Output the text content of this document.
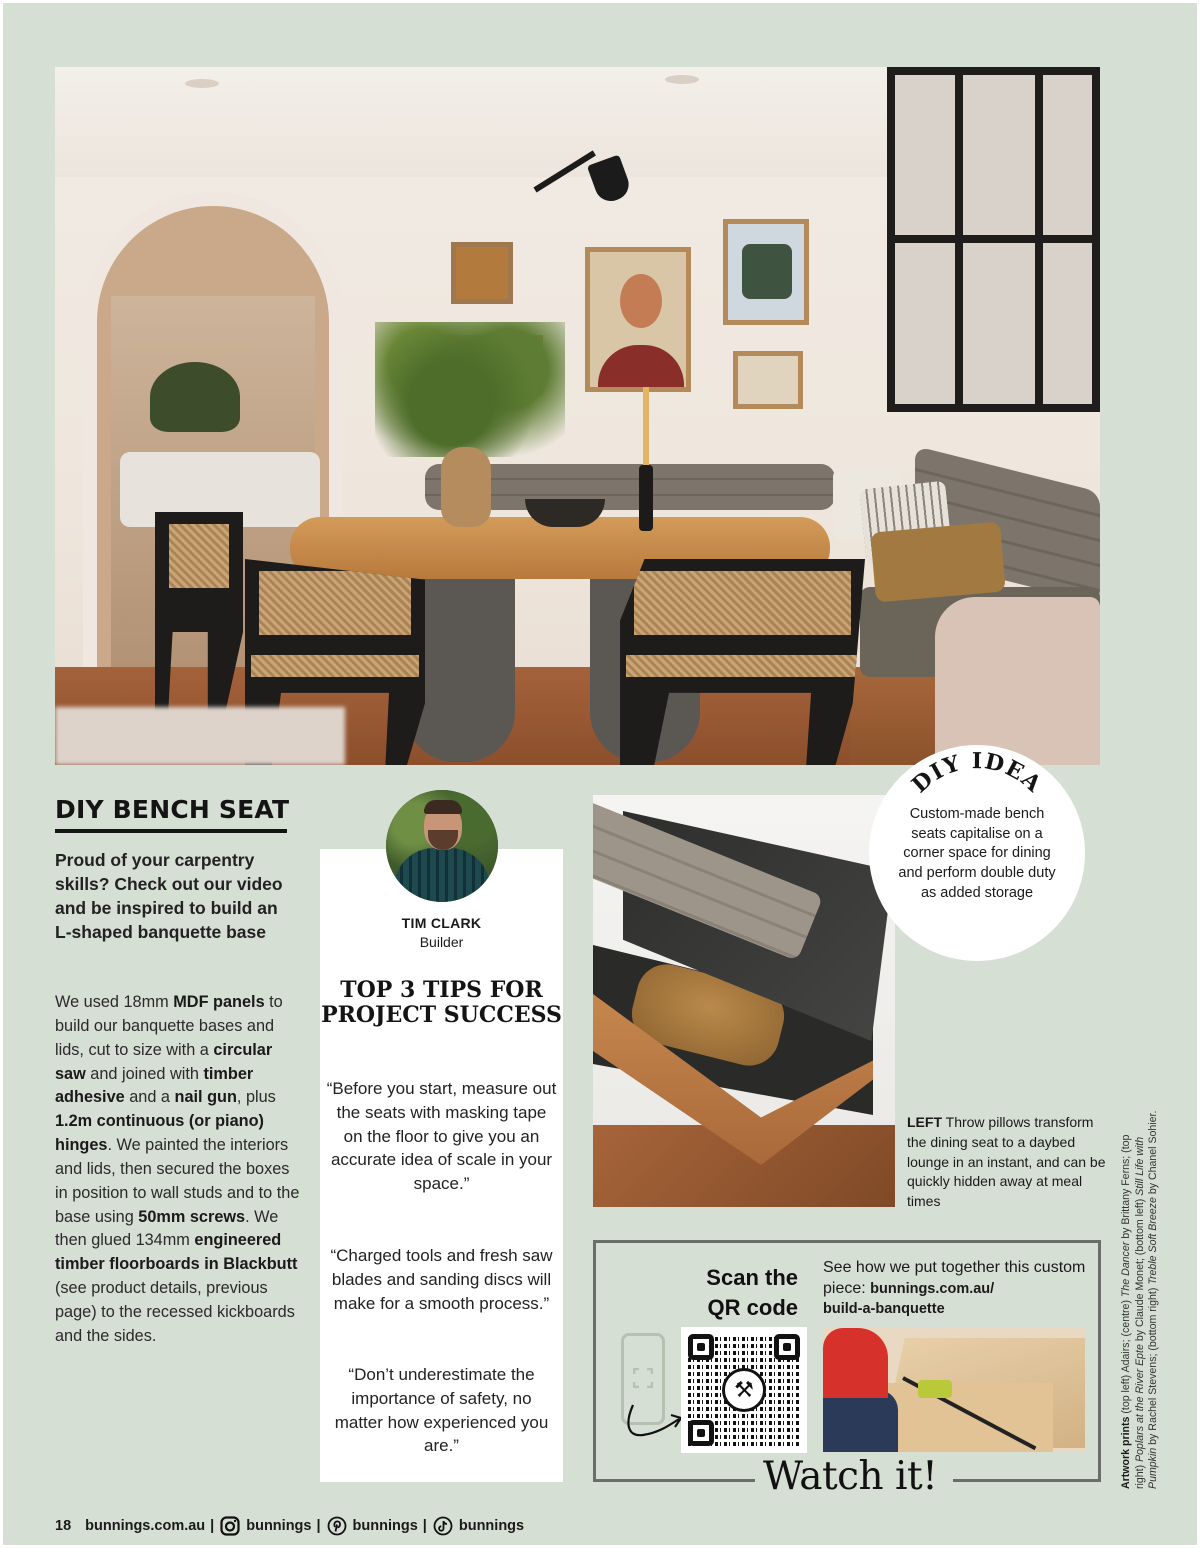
DIY BENCH SEAT
Proud of your carpentry skills? Check out our video and be inspired to build an L-shaped banquette base
We used 18mm MDF panels to build our banquette bases and lids, cut to size with a circular saw and joined with timber adhesive and a nail gun, plus 1.2m continuous (or piano) hinges. We painted the interiors and lids, then secured the boxes in position to wall studs and to the base using 50mm screws. We then glued 134mm engineered timber floorboards in Blackbutt (see product details, previous page) to the recessed kickboards and the sides.
TIM CLARK
Builder
TOP 3 TIPS FOR PROJECT SUCCESS
“Before you start, measure out the seats with masking tape on the floor to give you an accurate idea of scale in your space.”
“Charged tools and fresh saw blades and sanding discs will make for a smooth process.”
“Don’t underestimate the importance of safety, no matter how experienced you are.”
DIY IDEA
Custom-made bench seats capitalise on a corner space for dining and perform double duty as added storage
LEFT Throw pillows transform the dining seat to a daybed lounge in an instant, and can be quickly hidden away at meal times
Artwork prints (top left) Adairs; (centre) The Dancer by Brittany Ferns; (top right) Poplars at the River Epte by Claude Monet; (bottom left) Still Life with Pumpkin by Rachel Stevens; (bottom right) Treble Soft Breeze by Chanel Sohier.
Watch it!
Scan the
QR code
See how we put together this custom piece: bunnings.com.au/
build-a-banquette
⚒
18 bunnings.com.au | bunnings | bunnings | bunnings
